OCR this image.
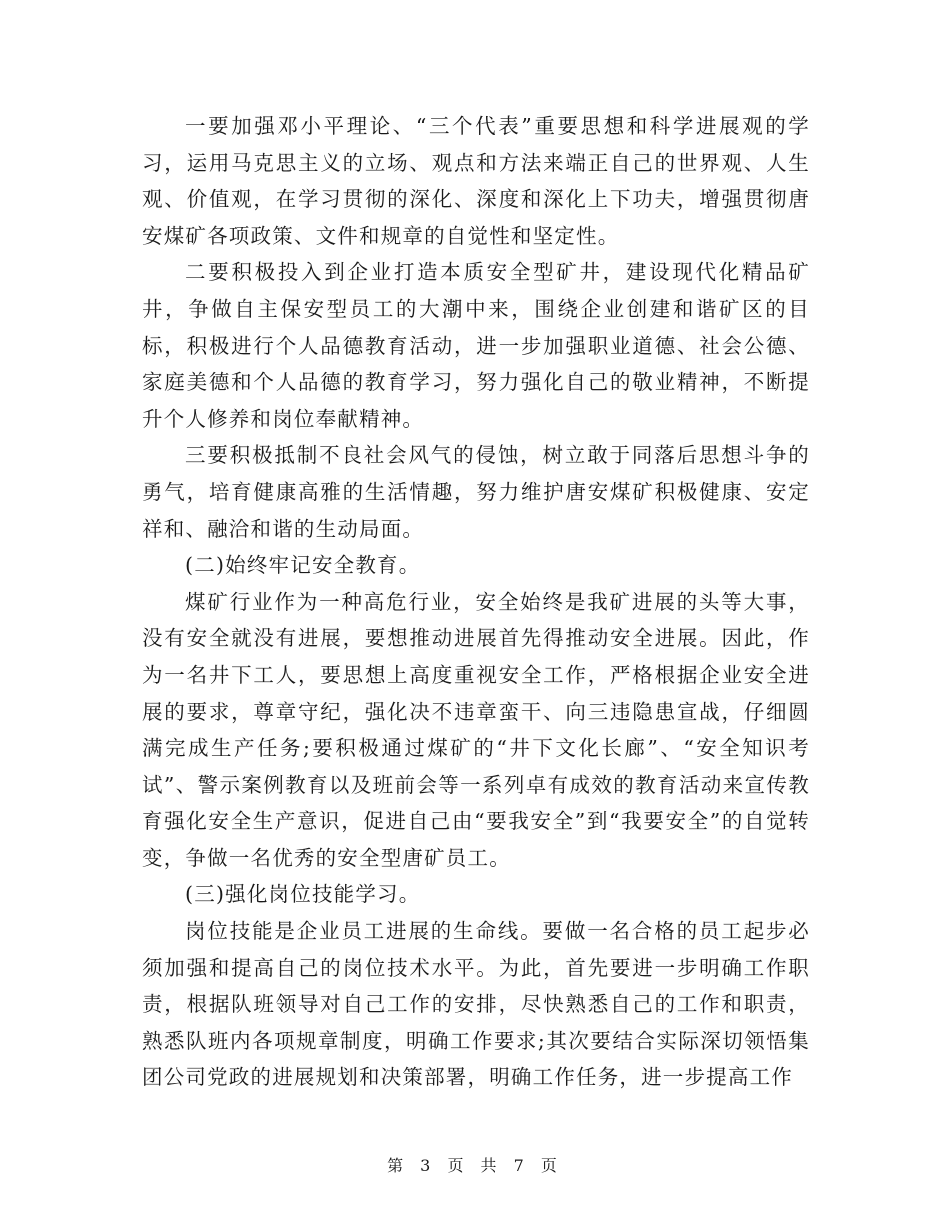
一要加强邓小平理论、“三个代表”重要思想和科学进展观的学习，运用马克思主义的立场、观点和方法来端正自己的世界观、人生观、价值观，在学习贯彻的深化、深度和深化上下功夫，增强贯彻唐安煤矿各项政策、文件和规章的自觉性和坚定性。

二要积极投入到企业打造本质安全型矿井，建设现代化精品矿井，争做自主保安型员工的大潮中来，围绕企业创建和谐矿区的目标，积极进行个人品德教育活动，进一步加强职业道德、社会公德、家庭美德和个人品德的教育学习，努力强化自己的敬业精神，不断提升个人修养和岗位奉献精神。

三要积极抵制不良社会风气的侵蚀，树立敢于同落后思想斗争的勇气，培育健康高雅的生活情趣，努力维护唐安煤矿积极健康、安定祥和、融洽和谐的生动局面。

(二)始终牢记安全教育。

煤矿行业作为一种高危行业，安全始终是我矿进展的头等大事，没有安全就没有进展，要想推动进展首先得推动安全进展。因此，作为一名井下工人，要思想上高度重视安全工作，严格根据企业安全进展的要求，尊章守纪，强化决不违章蛮干、向三违隐患宣战，仔细圆满完成生产任务;要积极通过煤矿的“井下文化长廊”、“安全知识考试”、警示案例教育以及班前会等一系列卓有成效的教育活动来宣传教育强化安全生产意识，促进自己由“要我安全”到“我要安全”的自觉转变，争做一名优秀的安全型唐矿员工。

(三)强化岗位技能学习。

岗位技能是企业员工进展的生命线。要做一名合格的员工起步必须加强和提高自己的岗位技术水平。为此，首先要进一步明确工作职责，根据队班领导对自己工作的安排，尽快熟悉自己的工作和职责，熟悉队班内各项规章制度，明确工作要求;其次要结合实际深切领悟集团公司党政的进展规划和决策部署，明确工作任务，进一步提高工作

第 3 页 共 7 页
